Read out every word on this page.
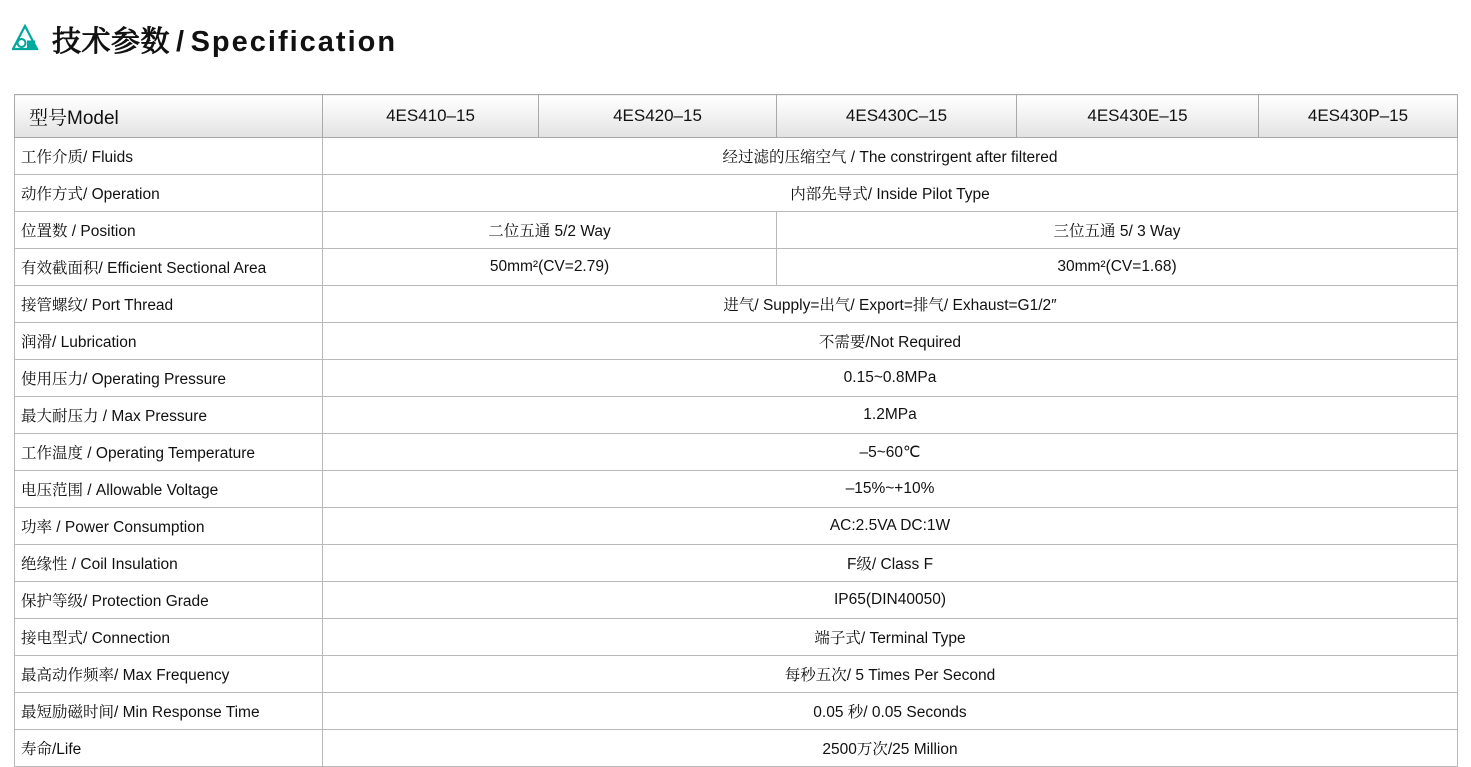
技术参数 / Specification
型号Model	4ES410–15	4ES420–15	4ES430C–15	4ES430E–15	4ES430P–15
工作介质/ Fluids	经过滤的压缩空气 / The constrirgent after filtered				
动作方式/ Operation	内部先导式/ Inside Pilot Type				
位置数 / Position	二位五通 5/2 Way		三位五通 5/ 3 Way		
有效截面积/ Efficient Sectional Area	50mm²(CV=2.79)		30mm²(CV=1.68)		
接管螺纹/ Port Thread	进气/ Supply=出气/ Export=排气/ Exhaust=G1/2″				
润滑/ Lubrication	不需要/Not Required				
使用压力/ Operating Pressure	0.15~0.8MPa				
最大耐压力 / Max Pressure	1.2MPa				
工作温度 / Operating Temperature	–5~60℃				
电压范围 / Allowable Voltage	–15%~+10%				
功率 / Power Consumption	AC:2.5VA DC:1W				
绝缘性 / Coil Insulation	F级/ Class F				
保护等级/ Protection Grade	IP65(DIN40050)				
接电型式/ Connection	端子式/ Terminal Type				
最高动作频率/ Max Frequency	每秒五次/ 5 Times Per Second				
最短励磁时间/ Min Response Time	0.05 秒/ 0.05 Seconds				
寿命/Life	2500万次/25 Million				
